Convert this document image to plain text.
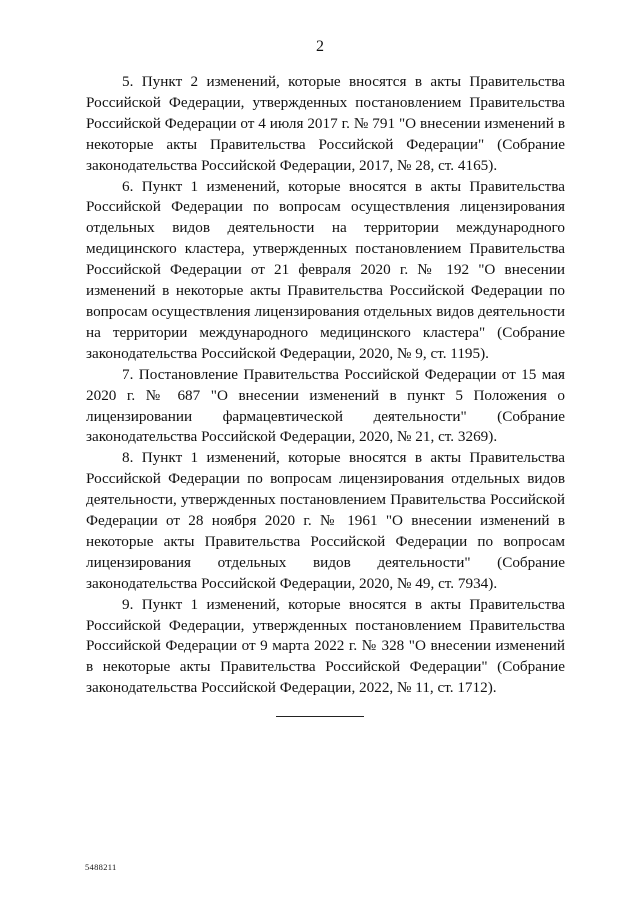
2

5. Пункт 2 изменений, которые вносятся в акты Правительства Российской Федерации, утвержденных постановлением Правительства Российской Федерации от 4 июля 2017 г. № 791 "О внесении изменений в некоторые акты Правительства Российской Федерации" (Собрание законодательства Российской Федерации, 2017, № 28, ст. 4165).

6. Пункт 1 изменений, которые вносятся в акты Правительства Российской Федерации по вопросам осуществления лицензирования отдельных видов деятельности на территории международного медицинского кластера, утвержденных постановлением Правительства Российской Федерации от 21 февраля 2020 г. № 192 "О внесении изменений в некоторые акты Правительства Российской Федерации по вопросам осуществления лицензирования отдельных видов деятельности на территории международного медицинского кластера" (Собрание законодательства Российской Федерации, 2020, № 9, ст. 1195).

7. Постановление Правительства Российской Федерации от 15 мая 2020 г. № 687 "О внесении изменений в пункт 5 Положения о лицензировании фармацевтической деятельности" (Собрание законодательства Российской Федерации, 2020, № 21, ст. 3269).

8. Пункт 1 изменений, которые вносятся в акты Правительства Российской Федерации по вопросам лицензирования отдельных видов деятельности, утвержденных постановлением Правительства Российской Федерации от 28 ноября 2020 г. № 1961 "О внесении изменений в некоторые акты Правительства Российской Федерации по вопросам лицензирования отдельных видов деятельности" (Собрание законодательства Российской Федерации, 2020, № 49, ст. 7934).

9. Пункт 1 изменений, которые вносятся в акты Правительства Российской Федерации, утвержденных постановлением Правительства Российской Федерации от 9 марта 2022 г. № 328 "О внесении изменений в некоторые акты Правительства Российской Федерации" (Собрание законодательства Российской Федерации, 2022, № 11, ст. 1712).

5488211
